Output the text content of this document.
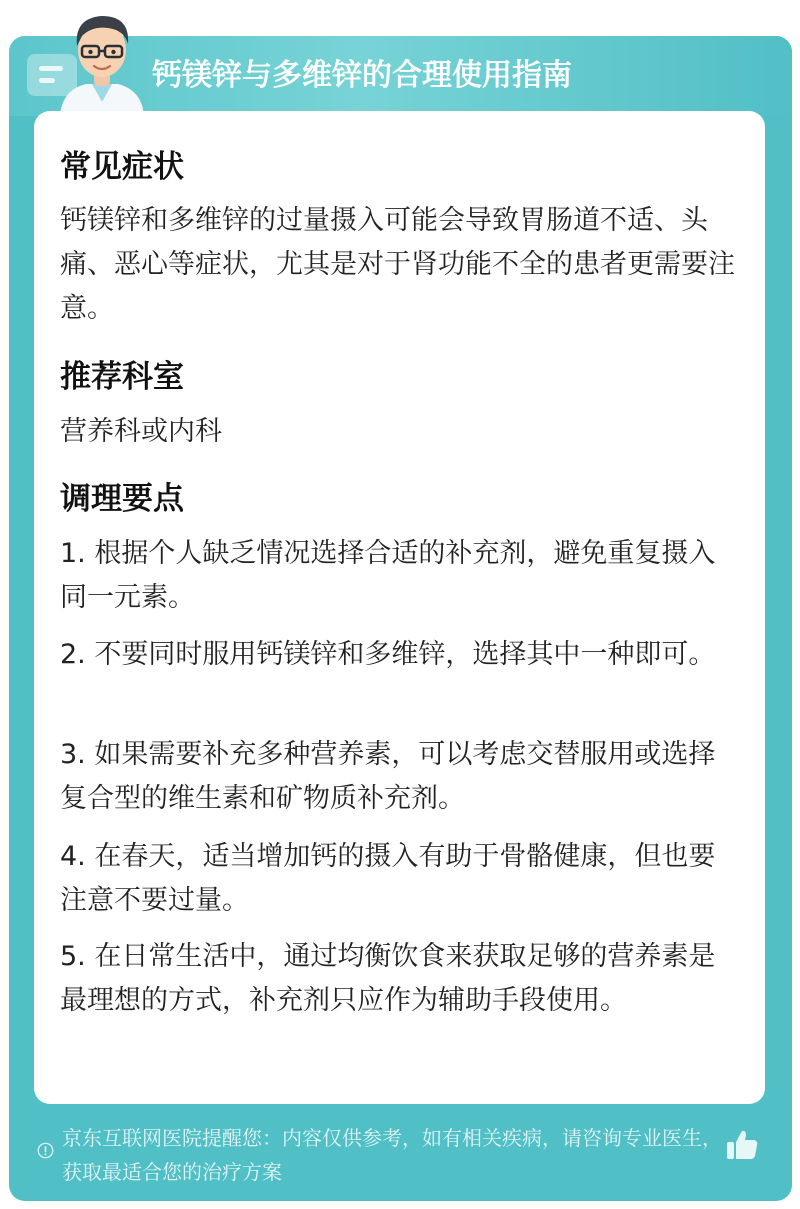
钙镁锌与多维锌的合理使用指南
常见症状
钙镁锌和多维锌的过量摄入可能会导致胃肠道不适、头痛、恶心等症状，尤其是对于肾功能不全的患者更需要注意。
推荐科室
营养科或内科
调理要点
1. 根据个人缺乏情况选择合适的补充剂，避免重复摄入同一元素。
2. 不要同时服用钙镁锌和多维锌，选择其中一种即可。
3. 如果需要补充多种营养素，可以考虑交替服用或选择复合型的维生素和矿物质补充剂。
4. 在春天，适当增加钙的摄入有助于骨骼健康，但也要注意不要过量。
5. 在日常生活中，通过均衡饮食来获取足够的营养素是最理想的方式，补充剂只应作为辅助手段使用。
京东互联网医院提醒您：内容仅供参考，如有相关疾病，请咨询专业医生，获取最适合您的治疗方案
